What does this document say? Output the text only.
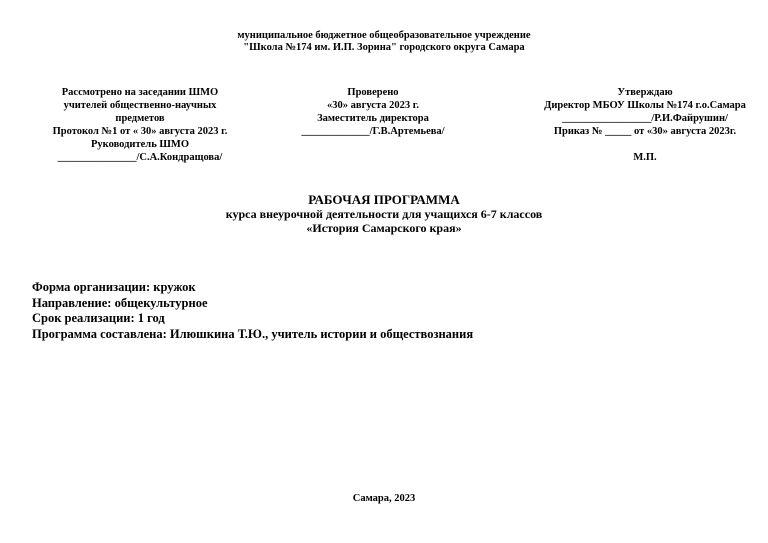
муниципальное бюджетное общеобразовательное учреждение
"Школа №174 им. И.П. Зорина" городского округа Самара
Рассмотрено на заседании ШМО
учителей общественно-научных
предметов
Протокол №1 от « 30» августа 2023 г.
Руководитель ШМО
_______________/С.А.Кондращова/
Проверено
«30» августа 2023 г.
Заместитель директора
_____________/Г.В.Артемьева/
Утверждаю
Директор МБОУ Школы №174 г.о.Самара
_________________/Р.И.Файрушин/
Приказ № _____ от «30» августа 2023г.

М.П.
РАБОЧАЯ ПРОГРАММА
курса внеурочной деятельности для учащихся 6-7 классов
«История Самарского края»
Форма организации: кружок
Направление: общекультурное
Срок реализации: 1 год
Программа составлена: Илюшкина Т.Ю., учитель истории и обществознания
Самара, 2023
